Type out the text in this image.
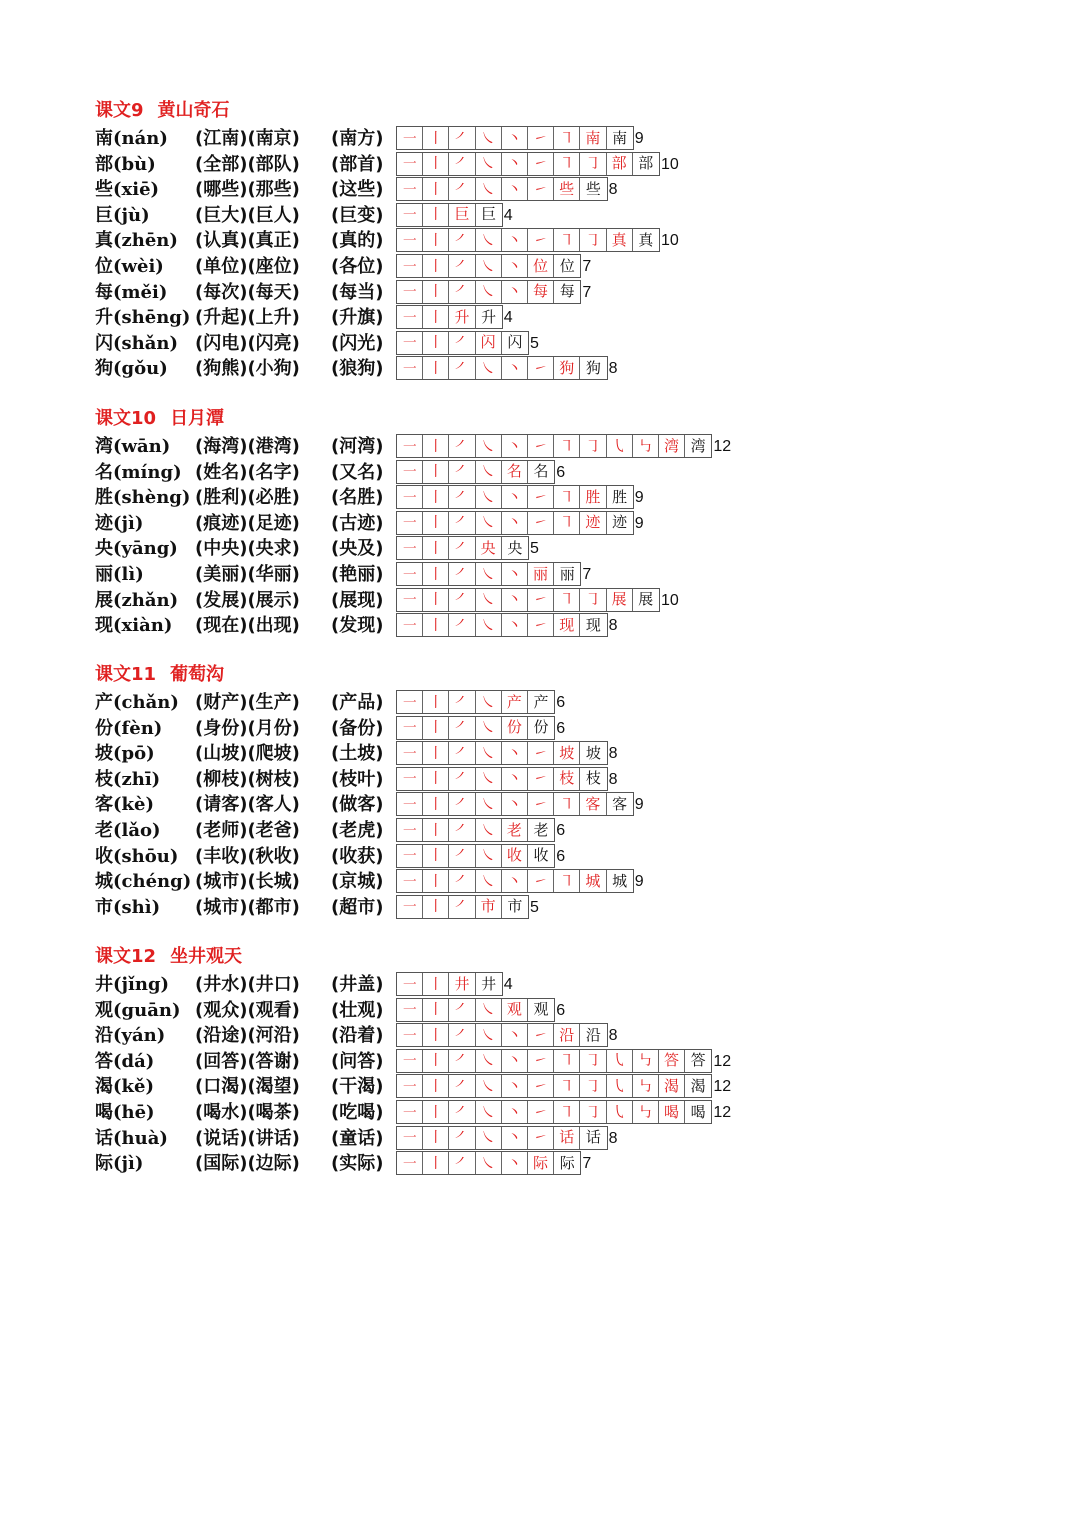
课文9 黄山奇石
南(nán)	(江南)(南京)	(南方) ㇐ ㇑ ㇒ ㇏ 丶 ㇀ ㇕ 南 南 9
部(bù)	(全部)(部队)	(部首) ㇐ ㇑ ㇒ ㇏ 丶 ㇀ ㇕ ㇆ 部 部 10
些(xiē)	(哪些)(那些)	(这些) ㇐ ㇑ ㇒ ㇏ 丶 ㇀ 些 些 8
巨(jù)	(巨大)(巨人)	(巨变) ㇐ ㇑ 巨 巨 4
真(zhēn) (认真)(真正)	(真的) ㇐ ㇑ ㇒ ㇏ 丶 ㇀ ㇕ ㇆ 真 真 10
位(wèi)	(单位)(座位)	(各位) ㇐ ㇑ ㇒ ㇏ 丶 位 位 7
每(měi)	(每次)(每天)	(每当) ㇐ ㇑ ㇒ ㇏ 丶 每 每 7
升(shēng) (升起)(上升)	(升旗) ㇐ ㇑ 升 升 4
闪(shǎn) (闪电)(闪亮)	(闪光) ㇐ ㇑ ㇒ 闪 闪 5
狗(gǒu)	(狗熊)(小狗)	(狼狗) ㇐ ㇑ ㇒ ㇏ 丶 ㇀ 狗 狗 8
课文10 日月潭
湾(wān)	(海湾)(港湾)	(河湾) ㇐ ㇑ ㇒ ㇏ 丶 ㇀ ㇕ ㇆ ㇂ ㇉ 湾 湾 12
名(míng) (姓名)(名字)	(又名) ㇐ ㇑ ㇒ ㇏ 名 名 6
胜(shèng) (胜利)(必胜)	(名胜) ㇐ ㇑ ㇒ ㇏ 丶 ㇀ ㇕ 胜 胜 9
迹(jì)	(痕迹)(足迹)	(古迹) ㇐ ㇑ ㇒ ㇏ 丶 ㇀ ㇕ 迹 迹 9
央(yāng) (中央)(央求)	(央及) ㇐ ㇑ ㇒ 央 央 5
丽(lì)	(美丽)(华丽)	(艳丽) ㇐ ㇑ ㇒ ㇏ 丶 丽 丽 7
展(zhǎn) (发展)(展示)	(展现) ㇐ ㇑ ㇒ ㇏ 丶 ㇀ ㇕ ㇆ 展 展 10
现(xiàn)	(现在)(出现)	(发现) ㇐ ㇑ ㇒ ㇏ 丶 ㇀ 现 现 8
课文11 葡萄沟
产(chǎn) (财产)(生产)	(产品) ㇐ ㇑ ㇒ ㇏ 产 产 6
份(fèn)	(身份)(月份)	(备份) ㇐ ㇑ ㇒ ㇏ 份 份 6
坡(pō)	(山坡)(爬坡)	(土坡) ㇐ ㇑ ㇒ ㇏ 丶 ㇀ 坡 坡 8
枝(zhī)	(柳枝)(树枝)	(枝叶) ㇐ ㇑ ㇒ ㇏ 丶 ㇀ 枝 枝 8
客(kè)	(请客)(客人)	(做客) ㇐ ㇑ ㇒ ㇏ 丶 ㇀ ㇕ 客 客 9
老(lǎo)	(老师)(老爸)	(老虎) ㇐ ㇑ ㇒ ㇏ 老 老 6
收(shōu) (丰收)(秋收)	(收获) ㇐ ㇑ ㇒ ㇏ 收 收 6
城(chéng) (城市)(长城)	(京城) ㇐ ㇑ ㇒ ㇏ 丶 ㇀ ㇕ 城 城 9
市(shì)	(城市)(都市)	(超市) ㇐ ㇑ ㇒ 市 市 5
课文12 坐井观天
井(jǐng)	(井水)(井口)	(井盖) ㇐ ㇑ 井 井 4
观(guān) (观众)(观看)	(壮观) ㇐ ㇑ ㇒ ㇏ 观 观 6
沿(yán)	(沿途)(河沿)	(沿着) ㇐ ㇑ ㇒ ㇏ 丶 ㇀ 沿 沿 8
答(dá)	(回答)(答谢)	(问答) ㇐ ㇑ ㇒ ㇏ 丶 ㇀ ㇕ ㇆ ㇂ ㇉ 答 答 12
渴(kě)	(口渴)(渴望)	(干渴) ㇐ ㇑ ㇒ ㇏ 丶 ㇀ ㇕ ㇆ ㇂ ㇉ 渴 渴 12
喝(hē)	(喝水)(喝茶)	(吃喝) ㇐ ㇑ ㇒ ㇏ 丶 ㇀ ㇕ ㇆ ㇂ ㇉ 喝 喝 12
话(huà)	(说话)(讲话)	(童话) ㇐ ㇑ ㇒ ㇏ 丶 ㇀ 话 话 8
际(jì)	(国际)(边际)	(实际) ㇐ ㇑ ㇒ ㇏ 丶 际 际 7
